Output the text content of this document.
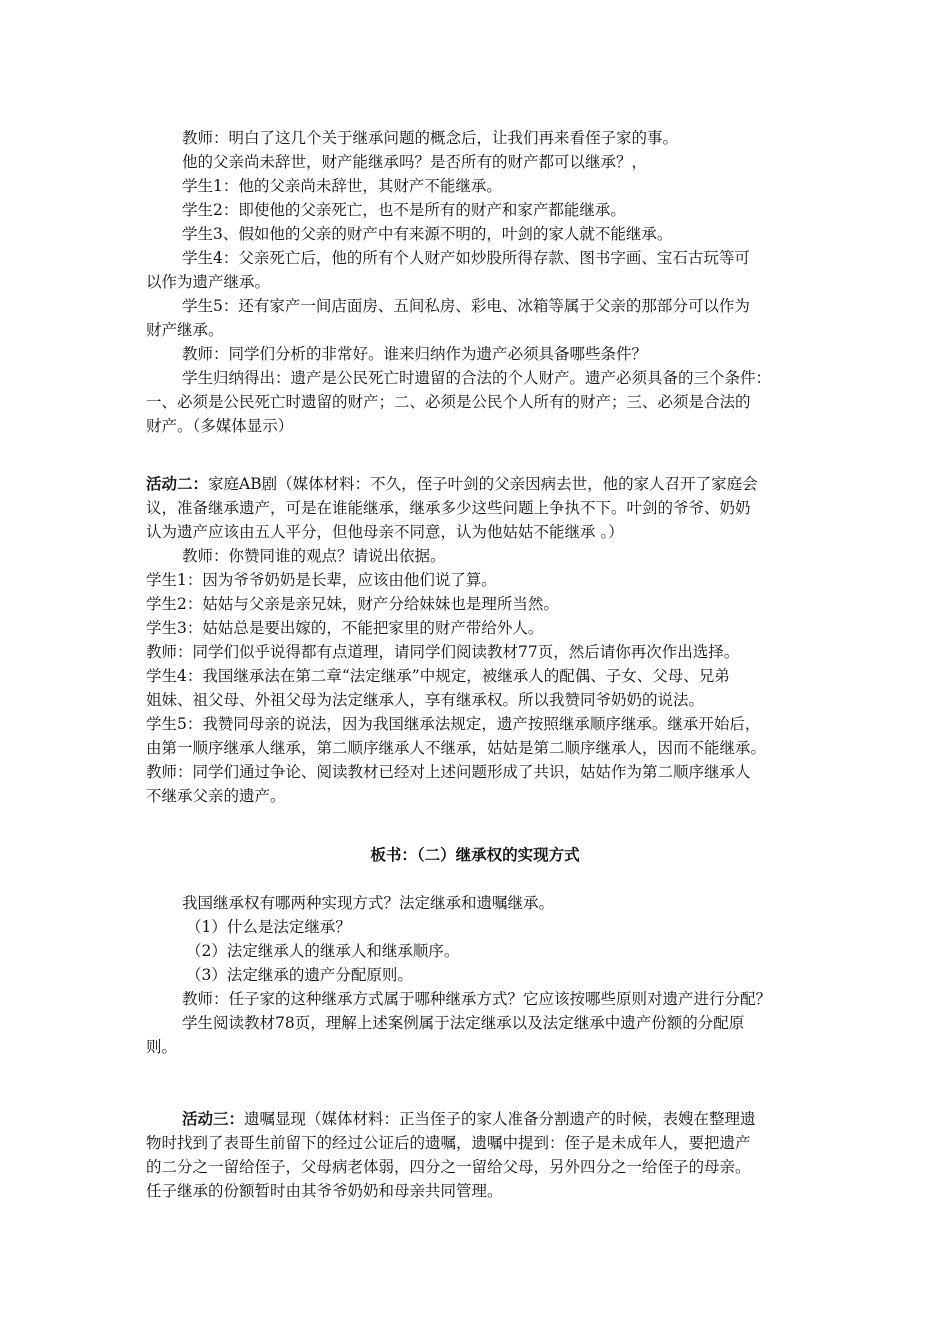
教师：明白了这几个关于继承问题的概念后，让我们再来看侄子家的事。
他的父亲尚未辞世，财产能继承吗？是否所有的财产都可以继承？，
学生1：他的父亲尚未辞世，其财产不能继承。
学生2：即使他的父亲死亡，也不是所有的财产和家产都能继承。
学生3、假如他的父亲的财产中有来源不明的，叶剑的家人就不能继承。
学生4：父亲死亡后，他的所有个人财产如炒股所得存款、图书字画、宝石古玩等可
以作为遗产继承。
学生5：还有家产一间店面房、五间私房、彩电、冰箱等属于父亲的那部分可以作为
财产继承。
教师：同学们分析的非常好。谁来归纳作为遗产必须具备哪些条件？
学生归纳得出：遗产是公民死亡时遗留的合法的个人财产。遗产必须具备的三个条件：
一、必须是公民死亡时遗留的财产；二、必须是公民个人所有的财产；三、必须是合法的
财产。（多媒体显示）
活动二：家庭AB剧（媒体材料：不久，侄子叶剑的父亲因病去世，他的家人召开了家庭会
议，准备继承遗产，可是在谁能继承，继承多少这些问题上争执不下。叶剑的爷爷、奶奶
认为遗产应该由五人平分，但他母亲不同意，认为他姑姑不能继承 。）
教师：你赞同谁的观点？请说出依据。
学生1：因为爷爷奶奶是长辈，应该由他们说了算。
学生2：姑姑与父亲是亲兄妹，财产分给妹妹也是理所当然。
学生3：姑姑总是要出嫁的，不能把家里的财产带给外人。
教师：同学们似乎说得都有点道理，请同学们阅读教材77页，然后请你再次作出选择。
学生4：我国继承法在第二章“法定继承”中规定，被继承人的配偶、子女、父母、兄弟
姐妹、祖父母、外祖父母为法定继承人，享有继承权。所以我赞同爷奶奶的说法。
学生5：我赞同母亲的说法，因为我国继承法规定，遗产按照继承顺序继承。继承开始后，
由第一顺序继承人继承，第二顺序继承人不继承，姑姑是第二顺序继承人，因而不能继承。
教师：同学们通过争论、阅读教材已经对上述问题形成了共识，姑姑作为第二顺序继承人
不继承父亲的遗产。
板书：（二）继承权的实现方式
我国继承权有哪两种实现方式？法定继承和遗嘱继承。
（1）什么是法定继承？
（2）法定继承人的继承人和继承顺序。
（3）法定继承的遗产分配原则。
教师：任子家的这种继承方式属于哪种继承方式？它应该按哪些原则对遗产进行分配？
学生阅读教材78页，理解上述案例属于法定继承以及法定继承中遗产份额的分配原
则。
活动三：遗嘱显现（媒体材料：正当侄子的家人准备分割遗产的时候，表嫂在整理遗
物时找到了表哥生前留下的经过公证后的遗嘱，遗嘱中提到：侄子是未成年人，要把遗产
的二分之一留给侄子，父母病老体弱，四分之一留给父母，另外四分之一给侄子的母亲。
任子继承的份额暂时由其爷爷奶奶和母亲共同管理。
